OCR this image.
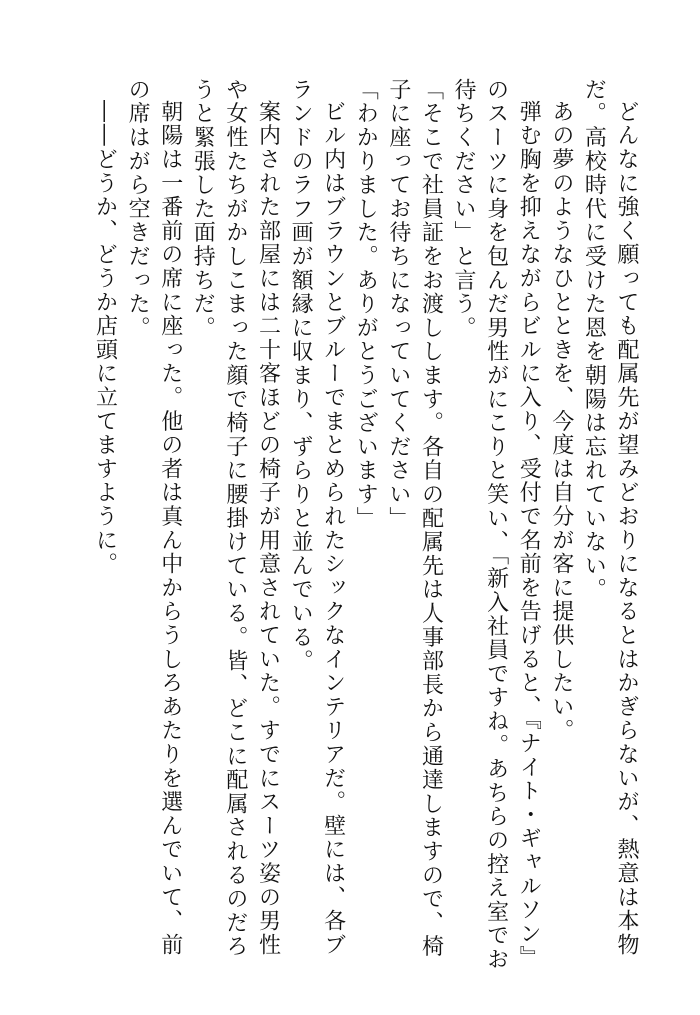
どんなに強く願っても配属先が望みどおりになるとはかぎらないが、熱意は本物だ。高校時代に受けた恩を朝陽は忘れていない。

あの夢のようなひとときを、今度は自分が客に提供したい。

弾む胸を抑えながらビルに入り、受付で名前を告げると、『ナイト・ギャルソン』のスーツに身を包んだ男性がにこりと笑い、「新入社員ですね。あちらの控え室でお待ちください」と言う。

「そこで社員証をお渡しします。各自の配属先は人事部長から通達しますので、椅子に座ってお待ちになっていてください」

「わかりました。ありがとうございます」

ビル内はブラウンとブルーでまとめられたシックなインテリアだ。壁には、各ブランドのラフ画が額縁に収まり、ずらりと並んでいる。

案内された部屋には二十客ほどの椅子が用意されていた。すでにスーツ姿の男性や女性たちがかしこまった顔で椅子に腰掛けている。皆、どこに配属されるのだろうと緊張した面持ちだ。

朝陽は一番前の席に座った。他の者は真ん中からうしろあたりを選んでいて、前の席はがら空きだった。

――どうか、どうか店頭に立てますように。
